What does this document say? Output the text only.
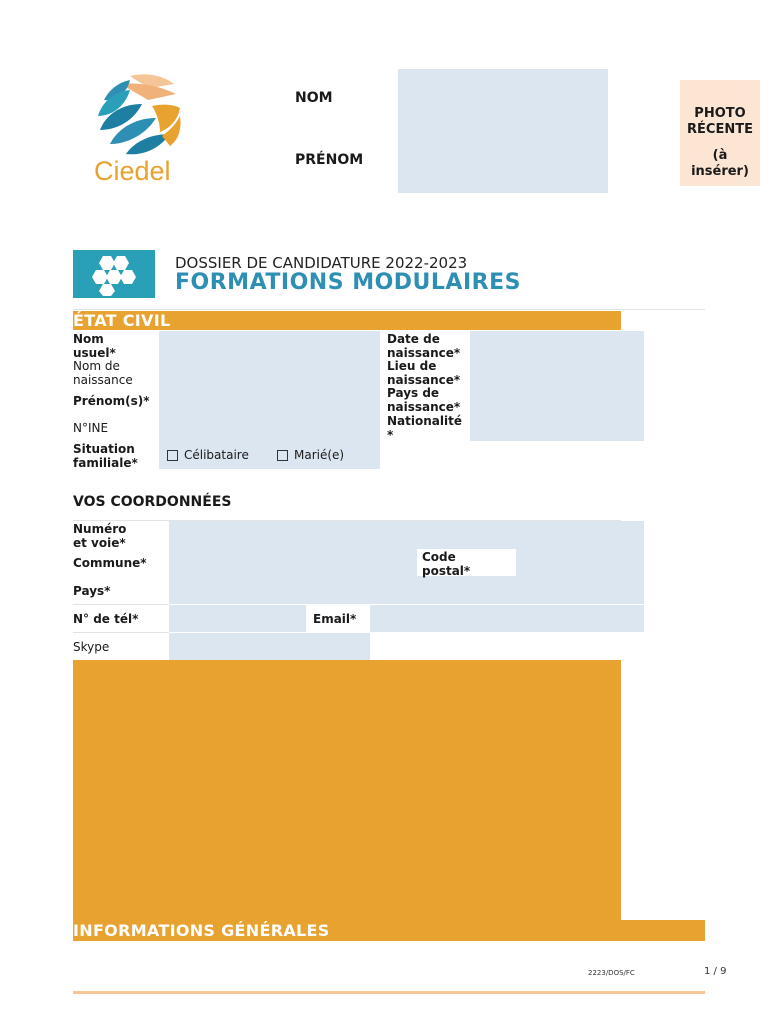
Ciedel
NOM
PRÉNOM
PHOTO
RÉCENTE
(à
insérer)
DOSSIER DE CANDIDATURE 2022-2023
FORMATIONS MODULAIRES
ÉTAT CIVIL
Nom usuel*
Nom de naissance
Prénom(s)*
N°INE
Situation familiale*
Célibataire	Marié(e)
Date de naissance*
Lieu de naissance*
Pays de naissance*
Nationalité *
VOS COORDONNÉES
Numéro et voie*
Commune*
Pays*
N° de tél*
Skype
Code postal*
Email*
INFORMATIONS GÉNÉRALES
2223/DOS/FC	1 / 9
